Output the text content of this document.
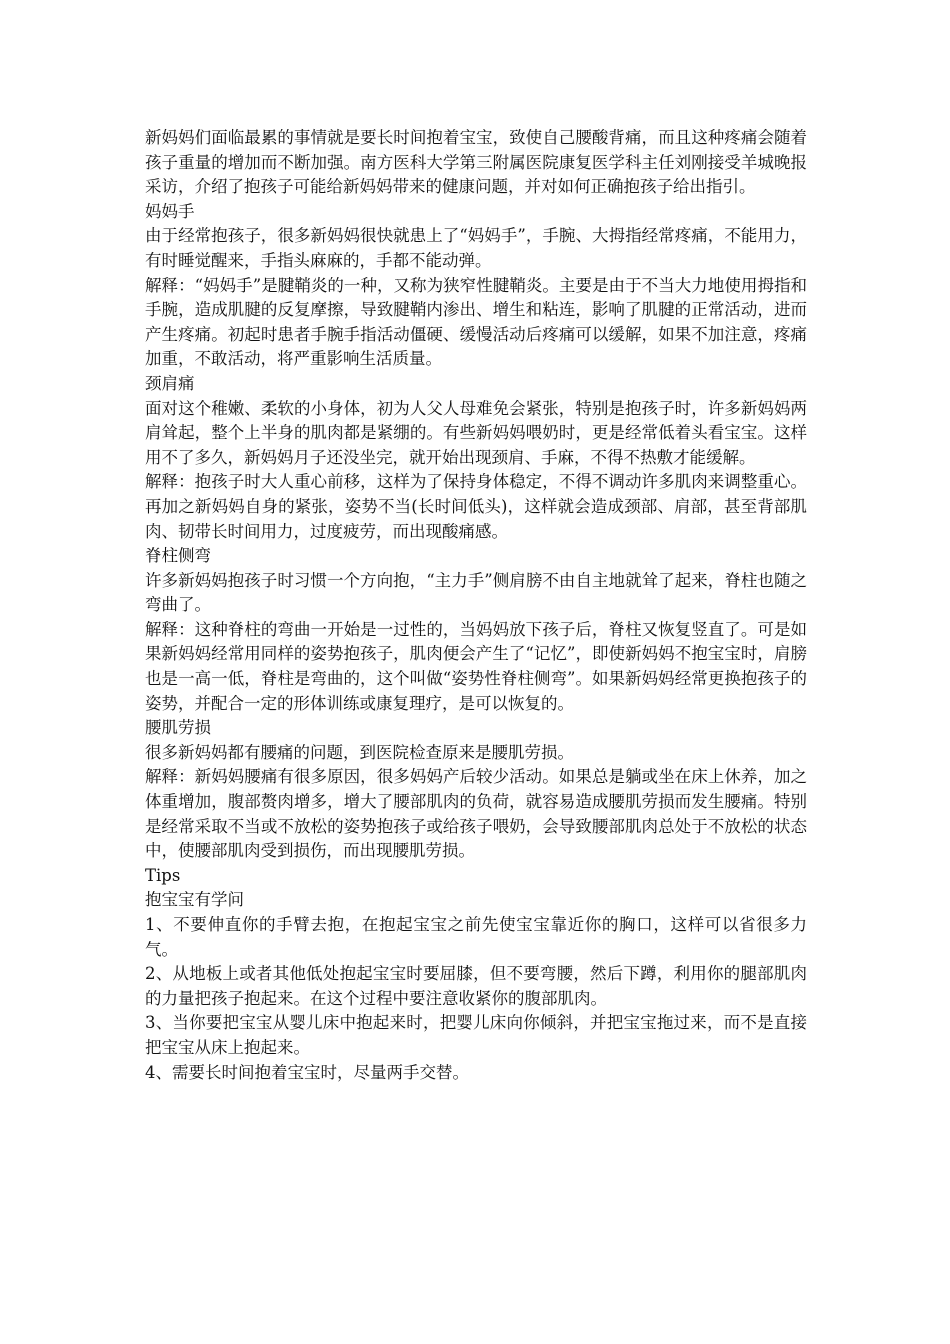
新妈妈们面临最累的事情就是要长时间抱着宝宝，致使自己腰酸背痛，而且这种疼痛会随着孩子重量的增加而不断加强。南方医科大学第三附属医院康复医学科主任刘刚接受羊城晚报采访，介绍了抱孩子可能给新妈妈带来的健康问题，并对如何正确抱孩子给出指引。

妈妈手

由于经常抱孩子，很多新妈妈很快就患上了“妈妈手”，手腕、大拇指经常疼痛，不能用力，有时睡觉醒来，手指头麻麻的，手都不能动弹。

解释：“妈妈手”是腱鞘炎的一种，又称为狭窄性腱鞘炎。主要是由于不当大力地使用拇指和手腕，造成肌腱的反复摩擦，导致腱鞘内渗出、增生和粘连，影响了肌腱的正常活动，进而产生疼痛。初起时患者手腕手指活动僵硬、缓慢活动后疼痛可以缓解，如果不加注意，疼痛加重，不敢活动，将严重影响生活质量。

颈肩痛

面对这个稚嫩、柔软的小身体，初为人父人母难免会紧张，特别是抱孩子时，许多新妈妈两肩耸起，整个上半身的肌肉都是紧绷的。有些新妈妈喂奶时，更是经常低着头看宝宝。这样用不了多久，新妈妈月子还没坐完，就开始出现颈肩、手麻，不得不热敷才能缓解。

解释：抱孩子时大人重心前移，这样为了保持身体稳定，不得不调动许多肌肉来调整重心。再加之新妈妈自身的紧张，姿势不当(长时间低头)，这样就会造成颈部、肩部，甚至背部肌肉、韧带长时间用力，过度疲劳，而出现酸痛感。

脊柱侧弯

许多新妈妈抱孩子时习惯一个方向抱，“主力手”侧肩膀不由自主地就耸了起来，脊柱也随之弯曲了。

解释：这种脊柱的弯曲一开始是一过性的，当妈妈放下孩子后，脊柱又恢复竖直了。可是如果新妈妈经常用同样的姿势抱孩子，肌肉便会产生了“记忆”，即使新妈妈不抱宝宝时，肩膀也是一高一低，脊柱是弯曲的，这个叫做“姿势性脊柱侧弯”。如果新妈妈经常更换抱孩子的姿势，并配合一定的形体训练或康复理疗，是可以恢复的。

腰肌劳损

很多新妈妈都有腰痛的问题，到医院检查原来是腰肌劳损。

解释：新妈妈腰痛有很多原因，很多妈妈产后较少活动。如果总是躺或坐在床上休养，加之体重增加，腹部赘肉增多，增大了腰部肌肉的负荷，就容易造成腰肌劳损而发生腰痛。特别是经常采取不当或不放松的姿势抱孩子或给孩子喂奶，会导致腰部肌肉总处于不放松的状态中，使腰部肌肉受到损伤，而出现腰肌劳损。

Tips

抱宝宝有学问

1、不要伸直你的手臂去抱，在抱起宝宝之前先使宝宝靠近你的胸口，这样可以省很多力气。

2、从地板上或者其他低处抱起宝宝时要屈膝，但不要弯腰，然后下蹲，利用你的腿部肌肉的力量把孩子抱起来。在这个过程中要注意收紧你的腹部肌肉。

3、当你要把宝宝从婴儿床中抱起来时，把婴儿床向你倾斜，并把宝宝拖过来，而不是直接把宝宝从床上抱起来。

4、需要长时间抱着宝宝时，尽量两手交替。
